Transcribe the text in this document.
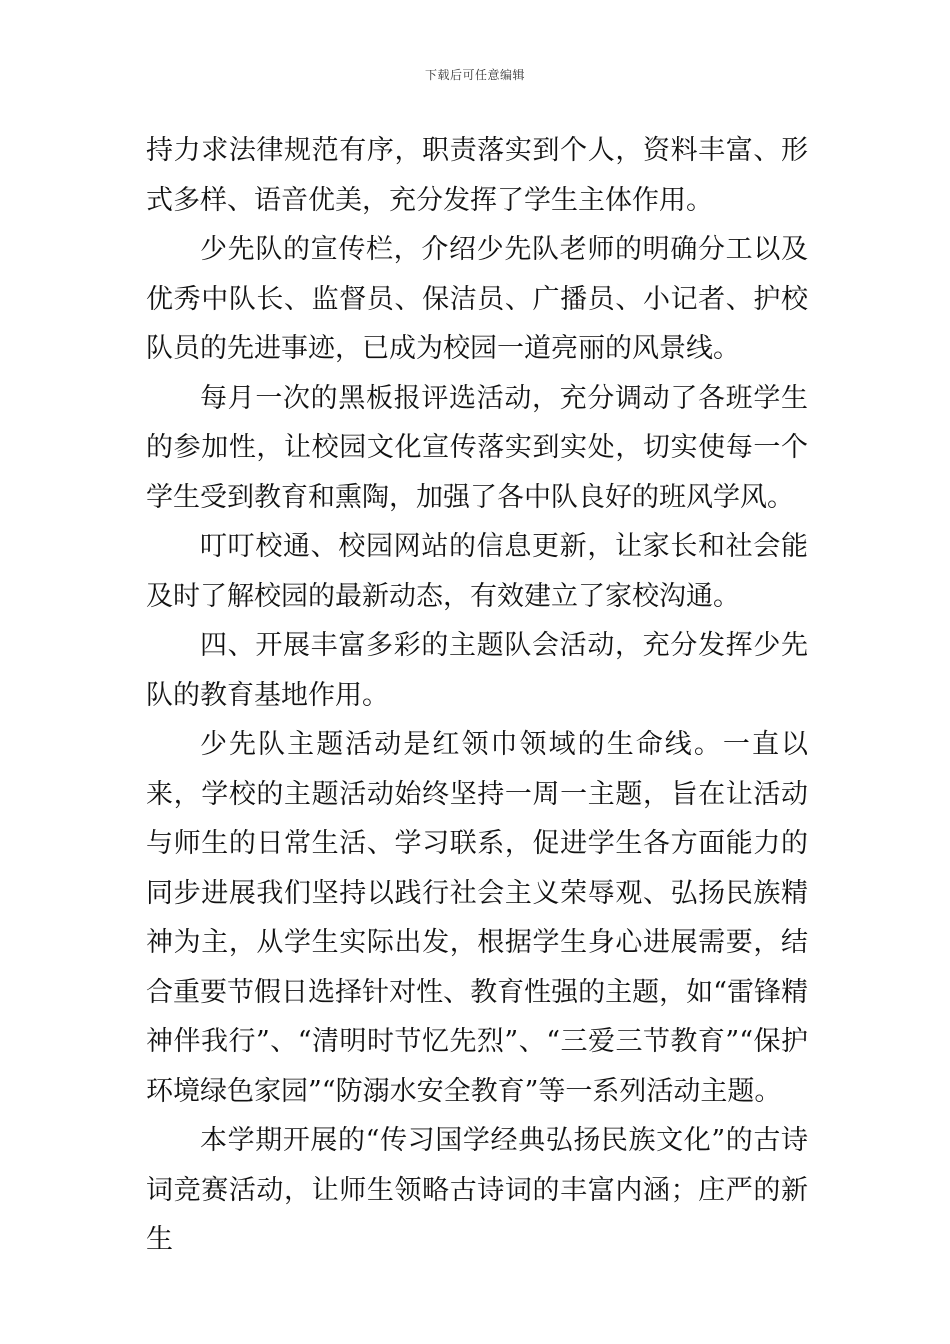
下载后可任意编辑

持力求法律规范有序，职责落实到个人，资料丰富、形式多样、语音优美，充分发挥了学生主体作用。

少先队的宣传栏，介绍少先队老师的明确分工以及优秀中队长、监督员、保洁员、广播员、小记者、护校队员的先进事迹，已成为校园一道亮丽的风景线。

每月一次的黑板报评选活动，充分调动了各班学生的参加性，让校园文化宣传落实到实处，切实使每一个学生受到教育和熏陶，加强了各中队良好的班风学风。

叮叮校通、校园网站的信息更新，让家长和社会能及时了解校园的最新动态，有效建立了家校沟通。

四、开展丰富多彩的主题队会活动，充分发挥少先队的教育基地作用。

少先队主题活动是红领巾领域的生命线。一直以来，学校的主题活动始终坚持一周一主题，旨在让活动与师生的日常生活、学习联系，促进学生各方面能力的同步进展我们坚持以践行社会主义荣辱观、弘扬民族精神为主，从学生实际出发，根据学生身心进展需要，结合重要节假日选择针对性、教育性强的主题，如“雷锋精神伴我行”、“清明时节忆先烈”、“三爱三节教育”“保护环境绿色家园”“防溺水安全教育”等一系列活动主题。

本学期开展的“传习国学经典弘扬民族文化”的古诗词竞赛活动，让师生领略古诗词的丰富内涵；庄严的新生
